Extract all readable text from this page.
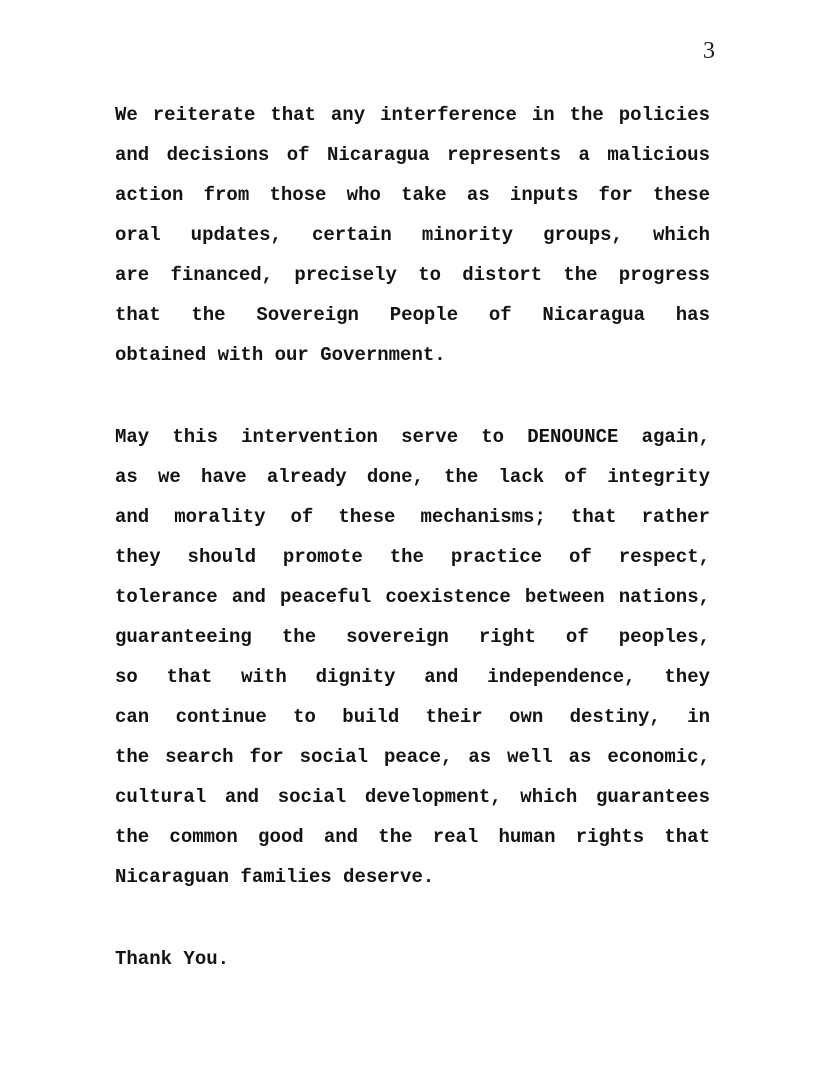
3
We reiterate that any interference in the policies
and decisions of Nicaragua represents a malicious
action from those who take as inputs for these
oral updates, certain minority groups, which
are financed, precisely to distort the progress
that the Sovereign People of Nicaragua has
obtained with our Government.
May this intervention serve to DENOUNCE again,
as we have already done, the lack of integrity
and morality of these mechanisms; that rather
they should promote the practice of respect,
tolerance and peaceful coexistence between nations,
guaranteeing the sovereign right of peoples,
so that with dignity and independence, they
can continue to build their own destiny, in
the search for social peace, as well as economic,
cultural and social development, which guarantees
the common good and the real human rights that
Nicaraguan families deserve.
Thank You.
